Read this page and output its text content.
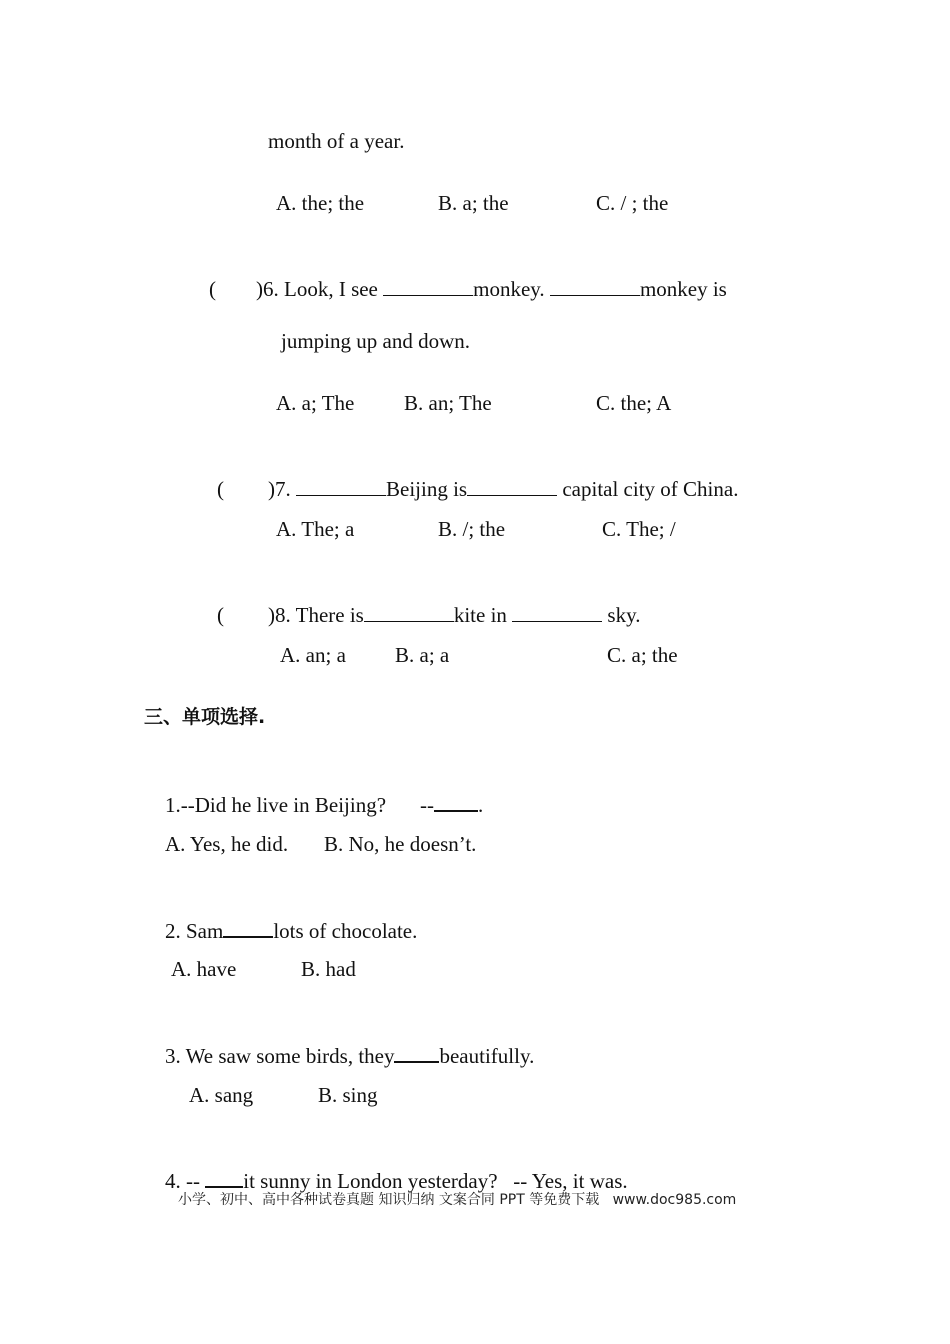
month of a year.
A. the; the	B. a; the	C. / ; the

( )6. Look, I see	monkey.	monkey is

jumping up and down.
A. a; The B. an; The	C. the; A

( )7.	Beijing is	capital city of China.

A. The; a	B. /; the	C. The; /

( )8. There is	kite in	sky.

A. an; a B. a; a	C. a; the
三、单项选择.

1.--Did he live in Beijing? -- .

A. Yes, he did. B. No, he doesn’t.

2. Sam lots of chocolate.

A. have	B. had

3. We saw some birds, they beautifully.

A. sang	B. sing

4. -- it sunny in London yesterday?   -- Yes, it was.

小学、初中、高中各种试卷真题 知识归纳 文案合同 PPT 等免费下载   www.doc985.com
